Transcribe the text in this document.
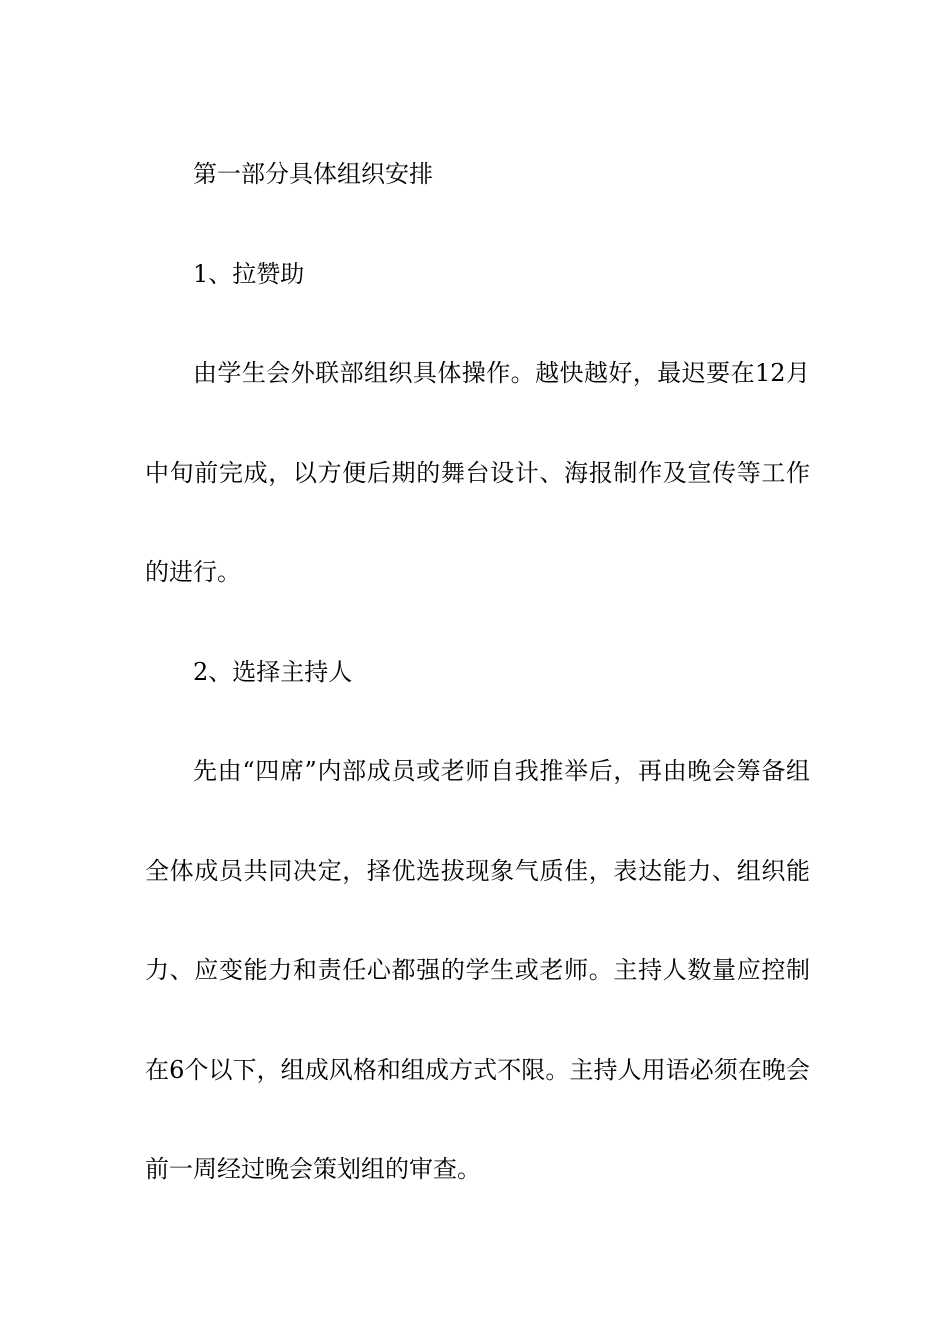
第一部分具体组织安排

1、拉赞助

由学生会外联部组织具体操作。越快越好，最迟要在12月中旬前完成，以方便后期的舞台设计、海报制作及宣传等工作的进行。

2、选择主持人

先由“四席”内部成员或老师自我推举后，再由晚会筹备组全体成员共同决定，择优选拔现象气质佳，表达能力、组织能力、应变能力和责任心都强的学生或老师。主持人数量应控制在6个以下，组成风格和组成方式不限。主持人用语必须在晚会前一周经过晚会策划组的审查。
